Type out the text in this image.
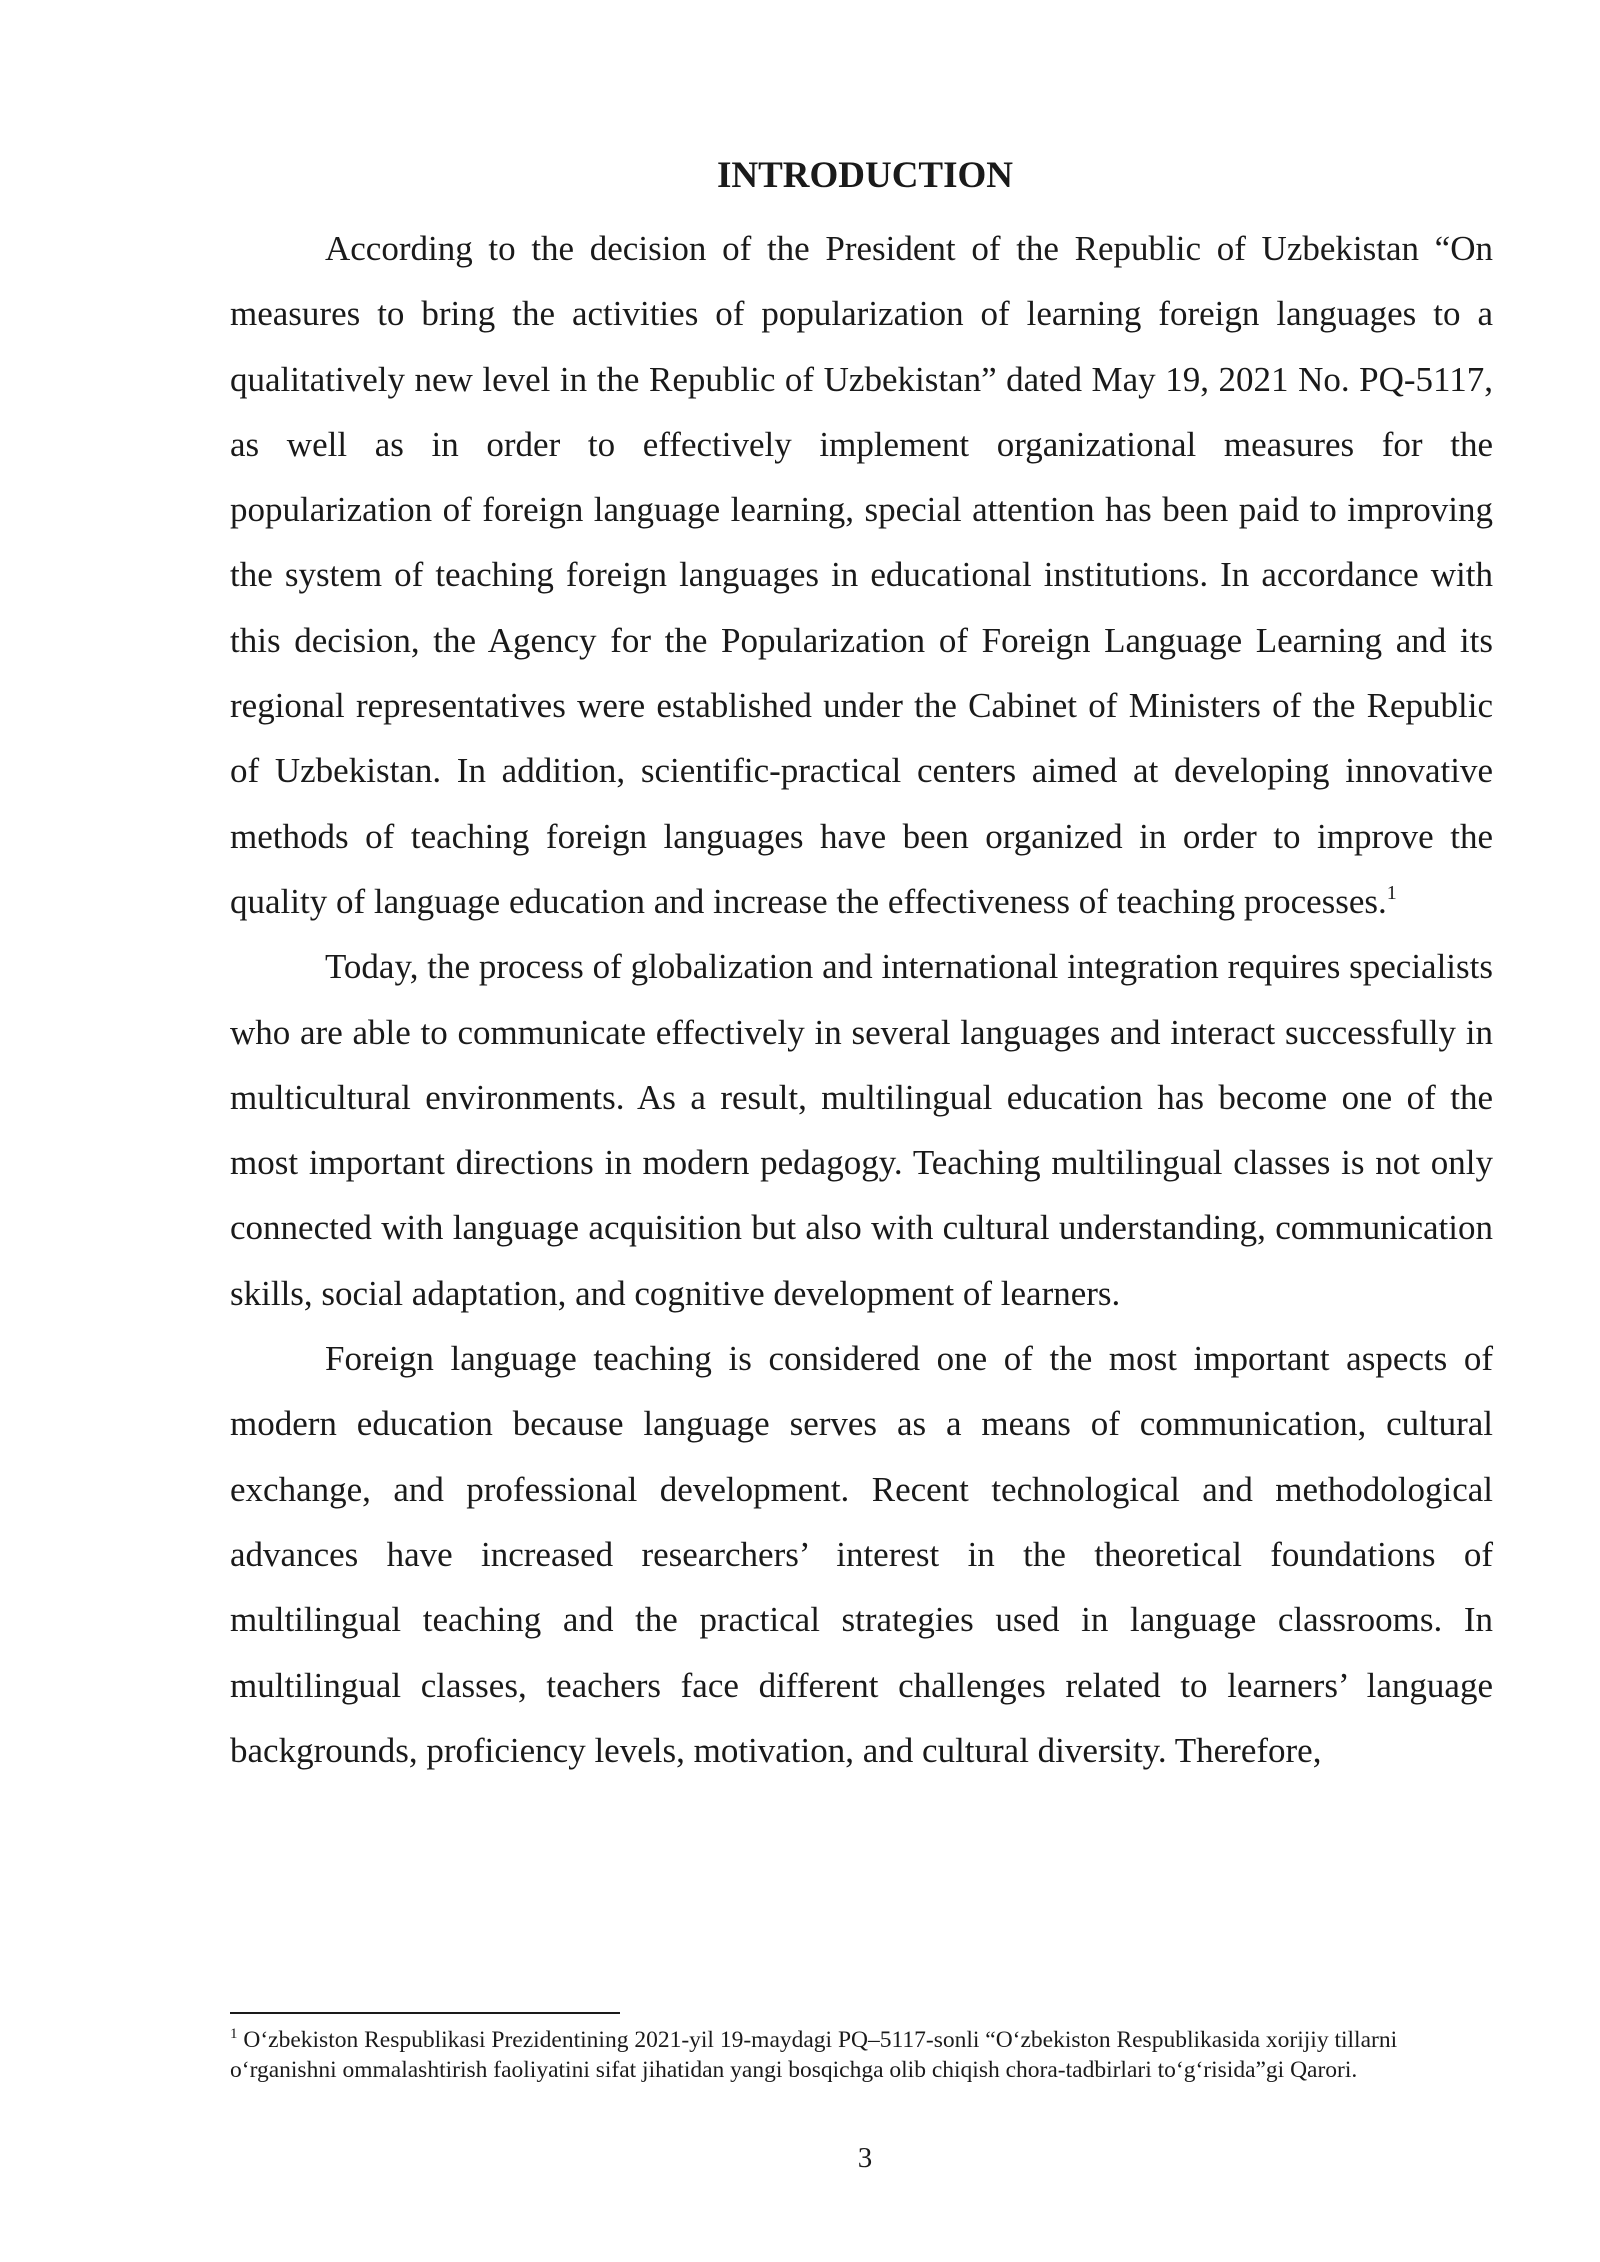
INTRODUCTION

According to the decision of the President of the Republic of Uzbekistan “On measures to bring the activities of popularization of learning foreign languages to a qualitatively new level in the Republic of Uzbekistan” dated May 19, 2021 No. PQ-5117, as well as in order to effectively implement organizational measures for the popularization of foreign language learning, special attention has been paid to improving the system of teaching foreign languages in educational institutions. In accordance with this decision, the Agency for the Popularization of Foreign Language Learning and its regional representatives were established under the Cabinet of Ministers of the Republic of Uzbekistan. In addition, scientific-practical centers aimed at developing innovative methods of teaching foreign languages have been organized in order to improve the quality of language education and increase the effectiveness of teaching processes.$^1$

Today, the process of globalization and international integration requires specialists who are able to communicate effectively in several languages and interact successfully in multicultural environments. As a result, multilingual education has become one of the most important directions in modern pedagogy. Teaching multilingual classes is not only connected with language acquisition but also with cultural understanding, communication skills, social adaptation, and cognitive development of learners.

Foreign language teaching is considered one of the most important aspects of modern education because language serves as a means of communication, cultural exchange, and professional development. Recent technological and methodological advances have increased researchers’ interest in the theoretical foundations of multilingual teaching and the practical strategies used in language classrooms. In multilingual classes, teachers face different challenges related to learners’ language backgrounds, proficiency levels, motivation, and cultural diversity. Therefore,

$^1$ O‘zbekiston Respublikasi Prezidentining 2021-yil 19-maydagi PQ–5117-sonli “O‘zbekiston Respublikasida xorijiy tillarni o‘rganishni ommalashtirish faoliyatini sifat jihatidan yangi bosqichga olib chiqish chora-tadbirlari to‘g‘risida”gi Qarori.

3
